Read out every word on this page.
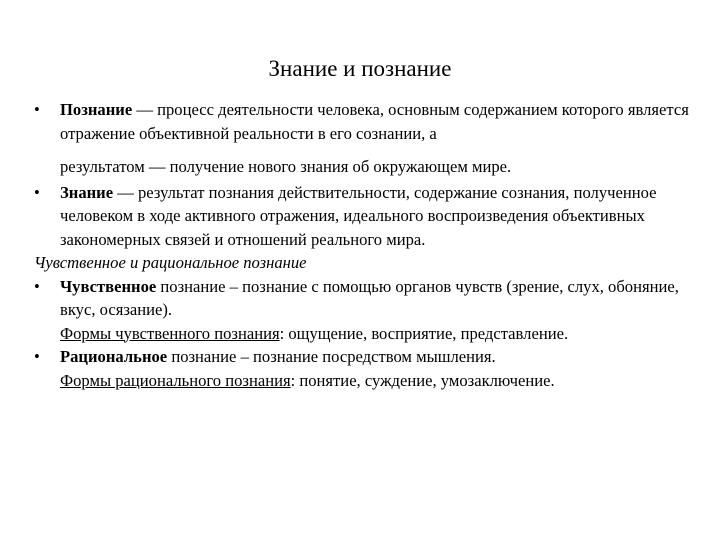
Знание и познание
•	Познание — процесс деятельности человека, основным содержанием которого является отражение объективной реальности в его сознании, а

результатом — получение нового знания об окружающем мире.

•	Знание — результат познания действительности, содержание сознания, полученное человеком в ходе активного отражения, идеального воспроизведения объективных закономерных связей и отношений реального мира.

Чувственное и рациональное познание

•	Чувственное познание – познание с помощью органов чувств (зрение, слух, обоняние, вкус, осязание).

Формы чувственного познания: ощущение, восприятие, представление.

•	Рациональное познание – познание посредством мышления.

Формы рационального познания: понятие, суждение, умозаключение.
